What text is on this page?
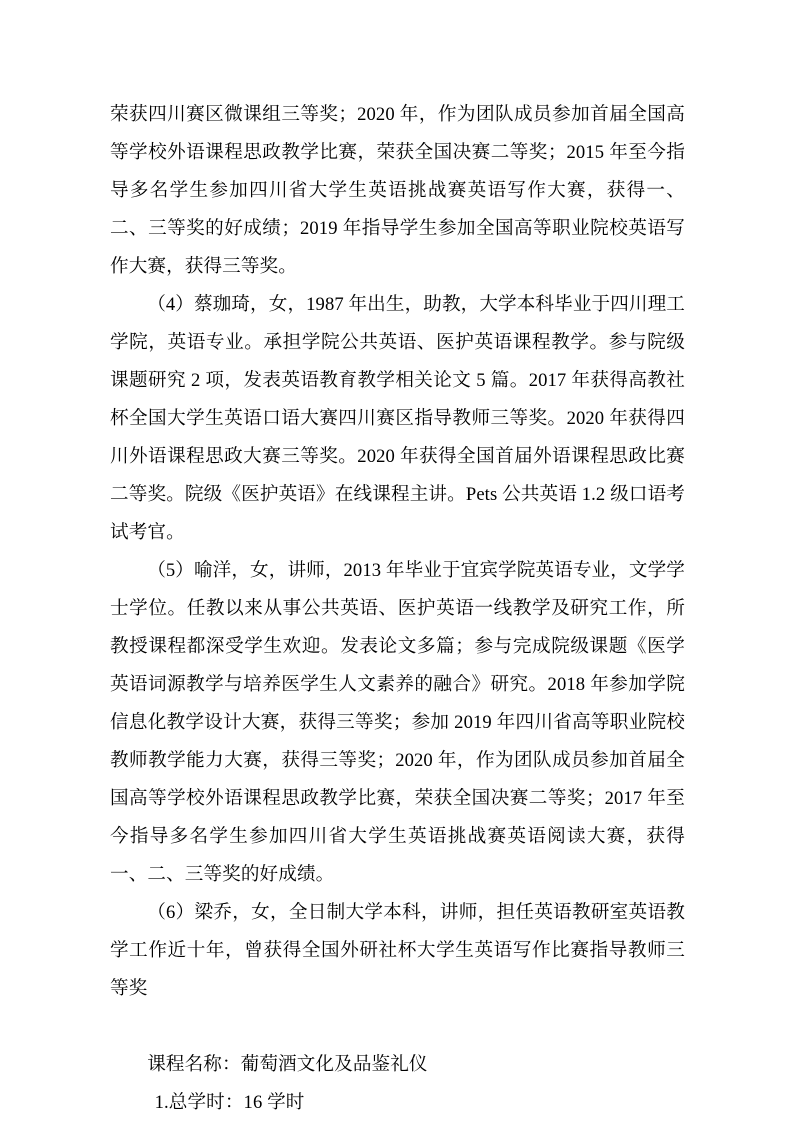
荣获四川赛区微课组三等奖；2020 年，作为团队成员参加首届全国高等学校外语课程思政教学比赛，荣获全国决赛二等奖；2015 年至今指导多名学生参加四川省大学生英语挑战赛英语写作大赛，获得一、二、三等奖的好成绩；2019 年指导学生参加全国高等职业院校英语写作大赛，获得三等奖。

（4）蔡珈琦，女，1987 年出生，助教，大学本科毕业于四川理工学院，英语专业。承担学院公共英语、医护英语课程教学。参与院级课题研究 2 项，发表英语教育教学相关论文 5 篇。2017 年获得高教社杯全国大学生英语口语大赛四川赛区指导教师三等奖。2020 年获得四川外语课程思政大赛三等奖。2020 年获得全国首届外语课程思政比赛二等奖。院级《医护英语》在线课程主讲。Pets 公共英语 1.2 级口语考试考官。

（5）喻洋，女，讲师，2013 年毕业于宜宾学院英语专业，文学学士学位。任教以来从事公共英语、医护英语一线教学及研究工作，所教授课程都深受学生欢迎。发表论文多篇；参与完成院级课题《医学英语词源教学与培养医学生人文素养的融合》研究。2018 年参加学院信息化教学设计大赛，获得三等奖；参加 2019 年四川省高等职业院校教师教学能力大赛，获得三等奖；2020 年，作为团队成员参加首届全国高等学校外语课程思政教学比赛，荣获全国决赛二等奖；2017 年至今指导多名学生参加四川省大学生英语挑战赛英语阅读大赛，获得一、二、三等奖的好成绩。

（6）梁乔，女，全日制大学本科，讲师，担任英语教研室英语教学工作近十年，曾获得全国外研社杯大学生英语写作比赛指导教师三等奖

课程名称：葡萄酒文化及品鉴礼仪

1.总学时：16 学时
